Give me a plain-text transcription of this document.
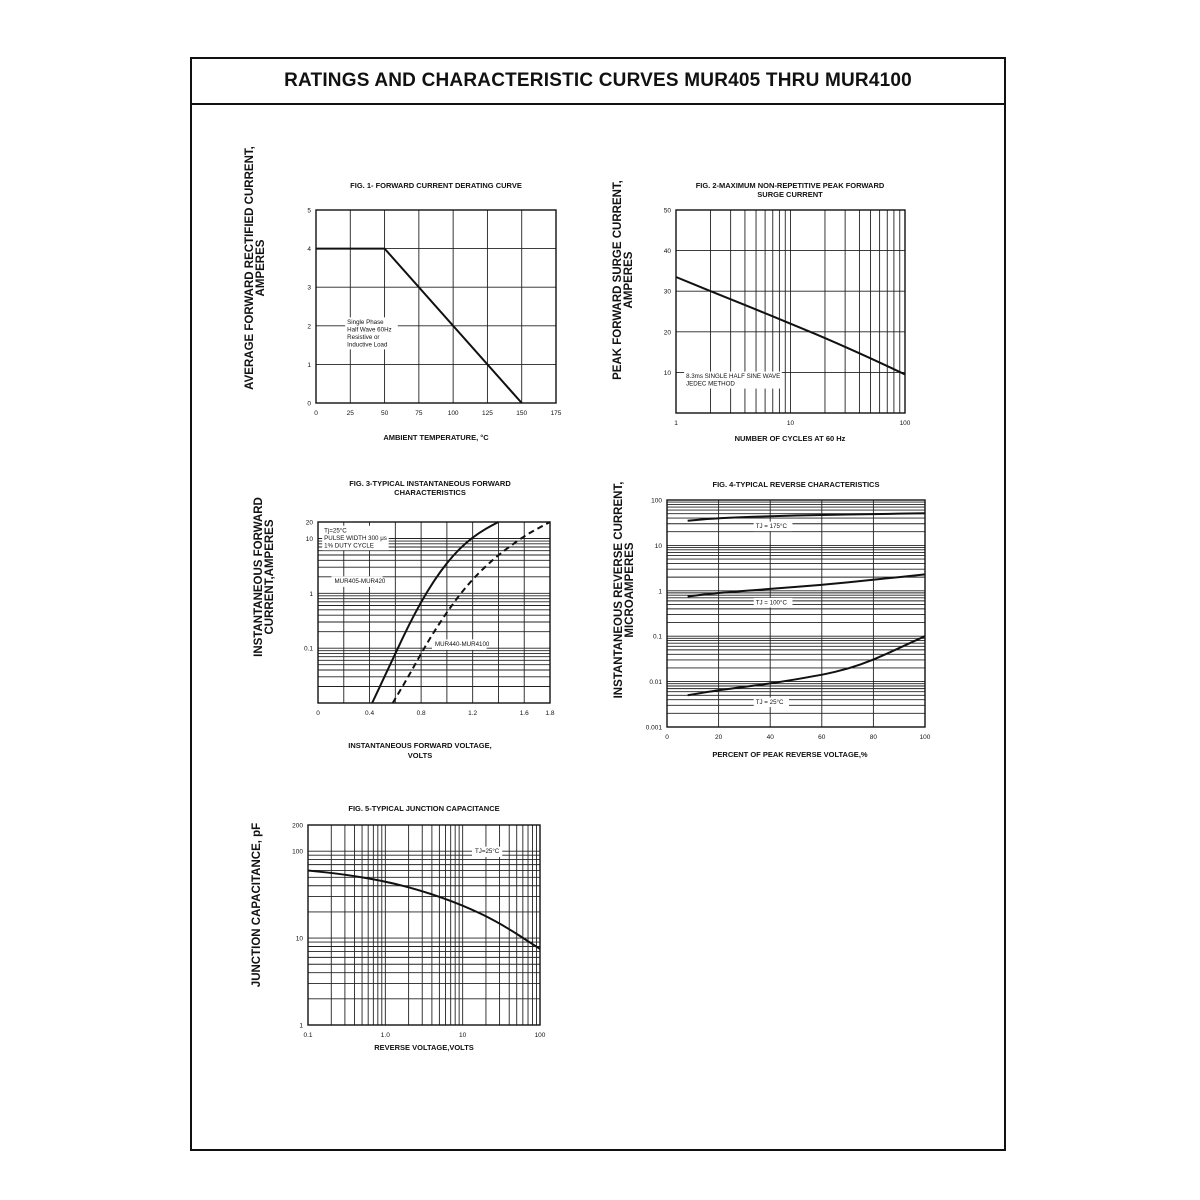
RATINGS AND CHARACTERISTIC CURVES MUR405 THRU MUR4100
0	25	50	75	100	125	150	175
0
1
2
3
4
5
FIG. 1- FORWARD CURRENT DERATING CURVE
AMBIENT TEMPERATURE, °C
AVERAGE FORWARD RECTIFIED CURRENT, AMPERES
Single Phase
Half Wave 60Hz
Resistive or
Inductive Load
1	10	100
10
20
30
40
50
FIG. 2-MAXIMUM NON-REPETITIVE PEAK FORWARD
SURGE CURRENT
NUMBER OF CYCLES AT 60 Hz
PEAK FORWARD SURGE CURRENT, AMPERES
8.3ms SINGLE HALF SINE WAVE
JEDEC METHOD
0	0.4	0.8	1.2	1.6	1.8
0.1
1
10
20
FIG. 3-TYPICAL INSTANTANEOUS FORWARD
CHARACTERISTICS
INSTANTANEOUS FORWARD VOLTAGE,
VOLTS
INSTANTANEOUS FORWARD CURRENT,AMPERES	Tj=25°C
PULSE WIDTH 300 μs
1% DUTY CYCLE
MUR405-MUR420
MUR440-MUR4100
0	20	40	60	80	100
0.001
0.01
0.1
1
10
100
FIG. 4-TYPICAL REVERSE CHARACTERISTICS
PERCENT OF PEAK REVERSE VOLTAGE,%
INSTANTANEOUS REVERSE CURRENT, MICROAMPERES
TJ = 175°C
TJ = 100°C
TJ = 25°C
0.1	1.0	10	100
1
10
100
200
FIG. 5-TYPICAL JUNCTION CAPACITANCE
REVERSE VOLTAGE,VOLTS
JUNCTION CAPACITANCE, pF	TJ=25°C
